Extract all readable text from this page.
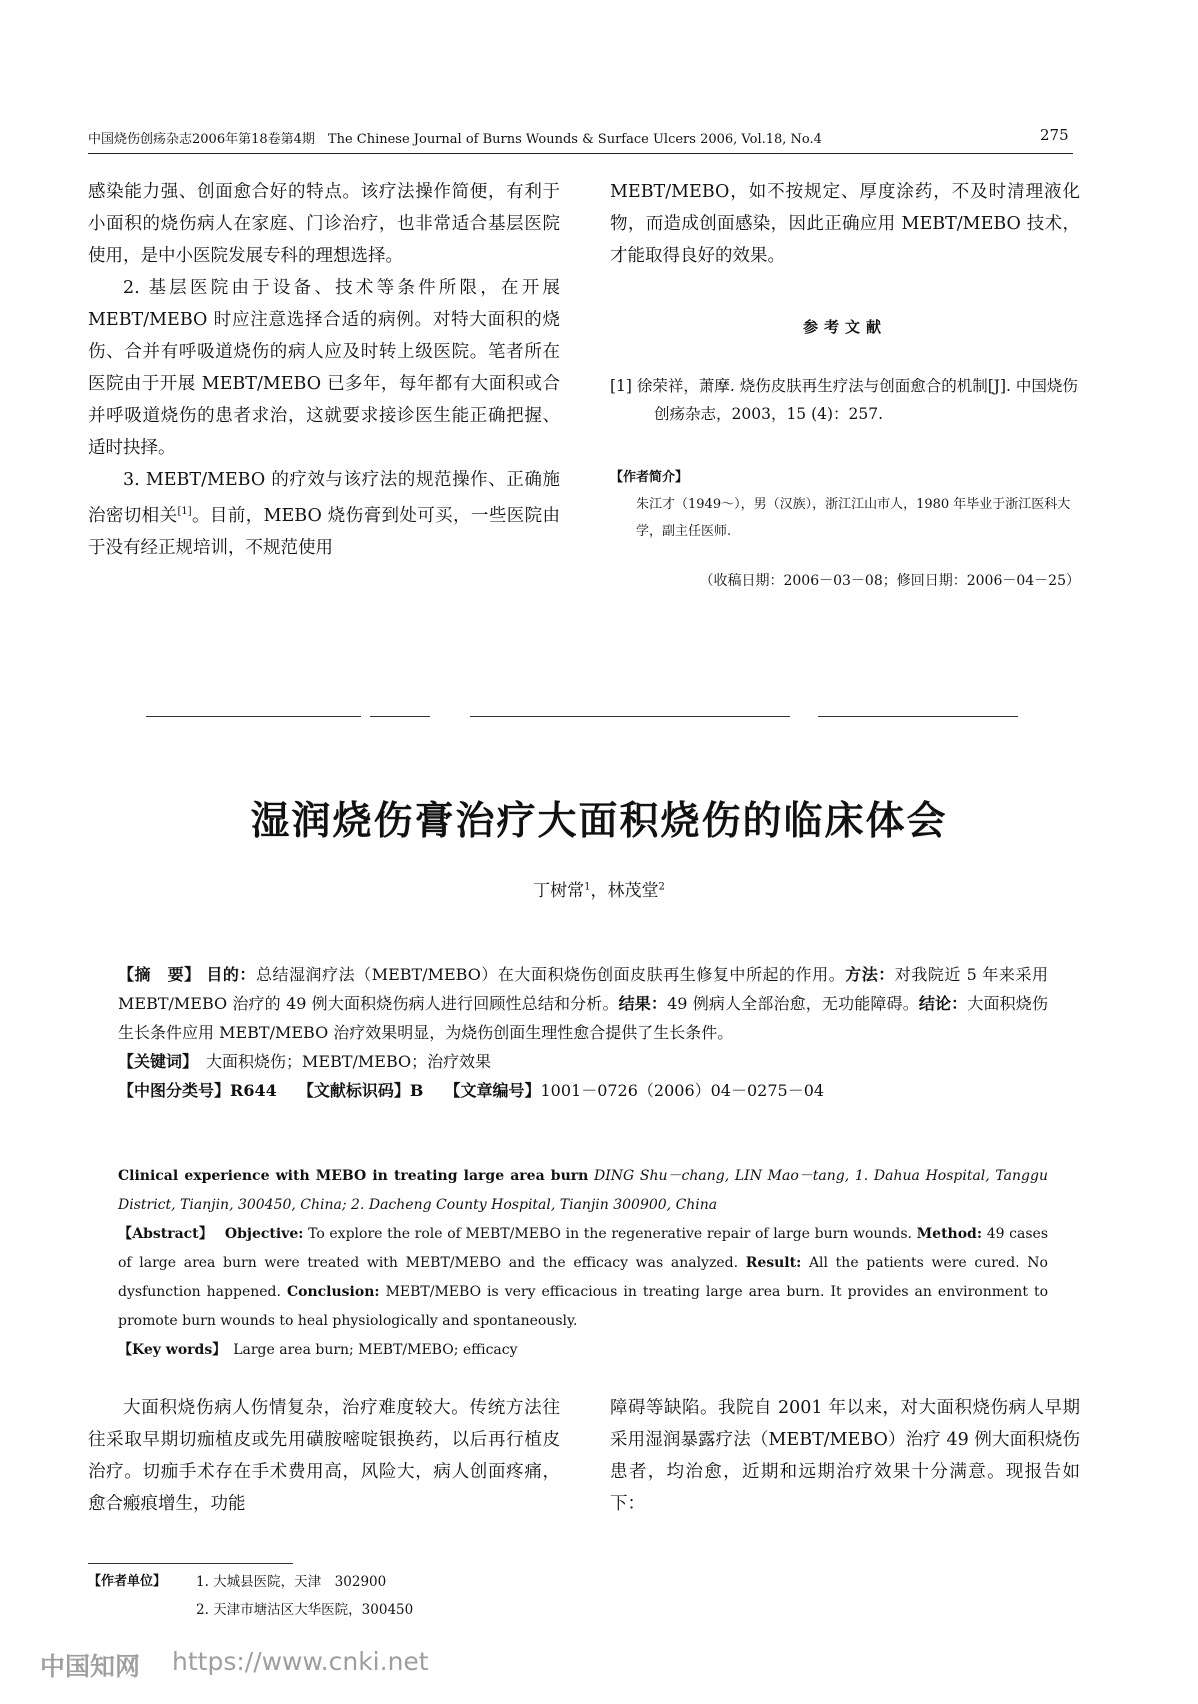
中国烧伤创疡杂志2006年第18卷第4期　The Chinese Journal of Burns Wounds & Surface Ulcers 2006, Vol.18, No.4	275

感染能力强、创面愈合好的特点。该疗法操作简便，有利于小面积的烧伤病人在家庭、门诊治疗，也非常适合基层医院使用，是中小医院发展专科的理想选择。

2. 基层医院由于设备、技术等条件所限，在开展 MEBT/MEBO 时应注意选择合适的病例。对特大面积的烧伤、合并有呼吸道烧伤的病人应及时转上级医院。笔者所在医院由于开展 MEBT/MEBO 已多年，每年都有大面积或合并呼吸道烧伤的患者求治，这就要求接诊医生能正确把握、适时抉择。

3. MEBT/MEBO 的疗效与该疗法的规范操作、正确施治密切相关[1]。目前，MEBO 烧伤膏到处可买，一些医院由于没有经正规培训，不规范使用

MEBT/MEBO，如不按规定、厚度涂药，不及时清理液化物，而造成创面感染，因此正确应用 MEBT/MEBO 技术，才能取得良好的效果。

参考文献
[1] 徐荣祥，萧摩. 烧伤皮肤再生疗法与创面愈合的机制[J]. 中国烧伤创疡杂志，2003，15 (4)：257.
【作者简介】
朱江才（1949～），男（汉族），浙江江山市人，1980 年毕业于浙江医科大学，副主任医师.
（收稿日期：2006－03－08；修回日期：2006－04－25）
湿润烧伤膏治疗大面积烧伤的临床体会
丁树常$^1$，林茂堂$^2$

【摘　要】 目的：总结湿润疗法（MEBT/MEBO）在大面积烧伤创面皮肤再生修复中所起的作用。方法：对我院近 5 年来采用 MEBT/MEBO 治疗的 49 例大面积烧伤病人进行回顾性总结和分析。结果：49 例病人全部治愈，无功能障碍。结论：大面积烧伤生长条件应用 MEBT/MEBO 治疗效果明显，为烧伤创面生理性愈合提供了生长条件。

【关键词】　 大面积烧伤；MEBT/MEBO；治疗效果

【中图分类号】R644　 【文献标识码】B　 【文章编号】1001－0726（2006）04－0275－04

Clinical experience with MEBO in treating large area burn DING Shu－chang, LIN Mao－tang, 1. Dahua Hospital, Tanggu District, Tianjin, 300450, China; 2. Dacheng County Hospital, Tianjin 300900, China

【Abstract】　 Objective: To explore the role of MEBT/MEBO in the regenerative repair of large burn wounds. Method: 49 cases of large area burn were treated with MEBT/MEBO and the efficacy was analyzed. Result: All the patients were cured. No dysfunction happened. Conclusion: MEBT/MEBO is very efficacious in treating large area burn. It provides an environment to promote burn wounds to heal physiologically and spontaneously.

【Key words】　 Large area burn; MEBT/MEBO; efficacy

大面积烧伤病人伤情复杂，治疗难度较大。传统方法往往采取早期切痂植皮或先用磺胺嘧啶银换药，以后再行植皮治疗。切痂手术存在手术费用高，风险大，病人创面疼痛，愈合瘢痕增生，功能

障碍等缺陷。我院自 2001 年以来，对大面积烧伤病人早期采用湿润暴露疗法（MEBT/MEBO）治疗 49 例大面积烧伤患者，均治愈，近期和远期治疗效果十分满意。现报告如下：

【作者单位】 1. 大城县医院，天津　302900
2. 天津市塘沽区大华医院，300450
中国知网 https://www.cnki.net
